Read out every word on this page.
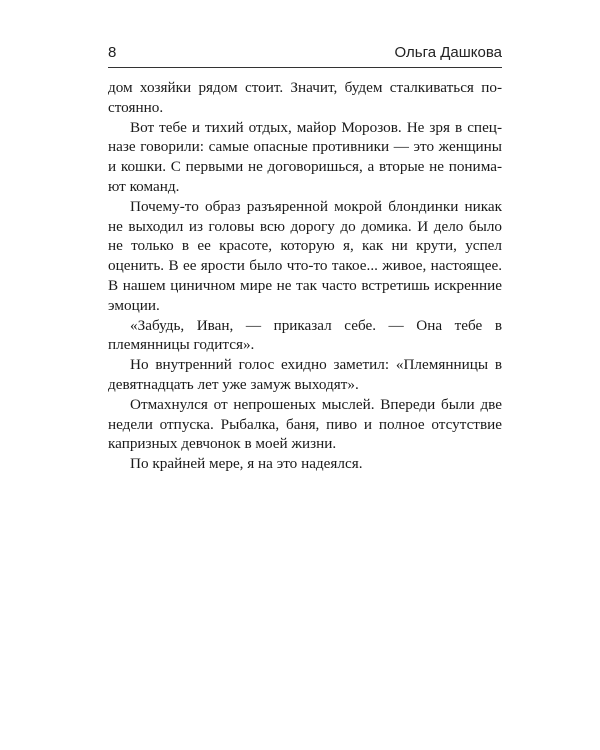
8	Ольга Дашкова

дом хозяйки рядом стоит. Значит, будем сталкиваться постоянно.

Вот тебе и тихий отдых, майор Морозов. Не зря в спецназе говорили: самые опасные противники — это женщины и кошки. С первыми не договоришься, а вторые не понимают команд.

Почему-то образ разъяренной мокрой блондинки никак не выходил из головы всю дорогу до домика. И дело было не только в ее красоте, которую я, как ни крути, успел оценить. В ее ярости было что-то такое... живое, настоящее. В нашем циничном мире не так часто встретишь искренние эмоции.

«Забудь, Иван, — приказал себе. — Она тебе в племянницы годится».

Но внутренний голос ехидно заметил: «Племянницы в девятнадцать лет уже замуж выходят».

Отмахнулся от непрошеных мыслей. Впереди были две недели отпуска. Рыбалка, баня, пиво и полное отсутствие капризных девчонок в моей жизни.

По крайней мере, я на это надеялся.
